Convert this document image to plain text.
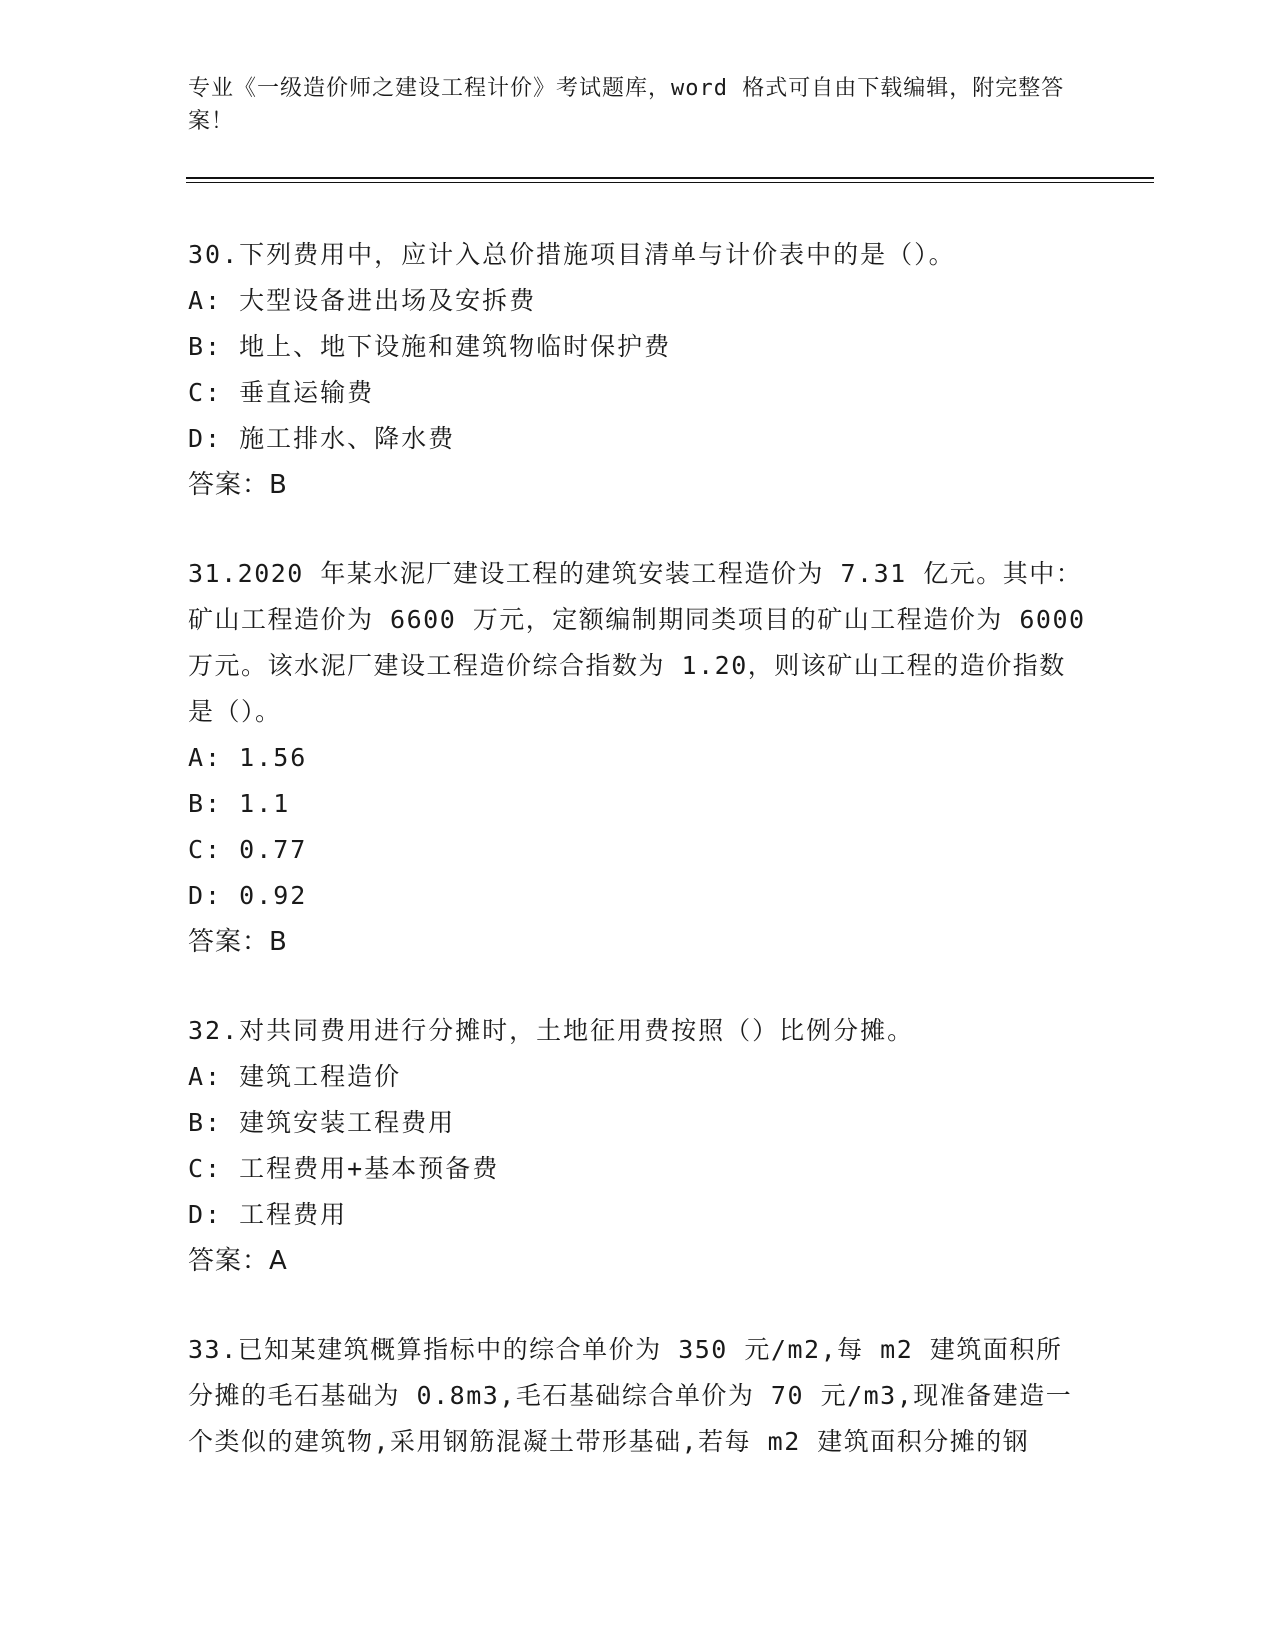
专业《一级造价师之建设工程计价》考试题库，word 格式可自由下载编辑，附完整答案！
30.下列费用中，应计入总价措施项目清单与计价表中的是（）。
A: 大型设备进出场及安拆费
B: 地上、地下设施和建筑物临时保护费
C: 垂直运输费
D: 施工排水、降水费
答案：B
31.2020 年某水泥厂建设工程的建筑安装工程造价为 7.31 亿元。其中：矿山工程造价为 6600 万元，定额编制期同类项目的矿山工程造价为 6000 万元。该水泥厂建设工程造价综合指数为 1.20，则该矿山工程的造价指数是（）。
A: 1.56
B: 1.1
C: 0.77
D: 0.92
答案：B
32.对共同费用进行分摊时，土地征用费按照（）比例分摊。
A: 建筑工程造价
B: 建筑安装工程费用
C: 工程费用+基本预备费
D: 工程费用
答案：A
33.已知某建筑概算指标中的综合单价为 350 元/m2,每 m2 建筑面积所分摊的毛石基础为 0.8m3,毛石基础综合单价为 70 元/m3,现准备建造一个类似的建筑物,采用钢筋混凝土带形基础,若每 m2 建筑面积分摊的钢
